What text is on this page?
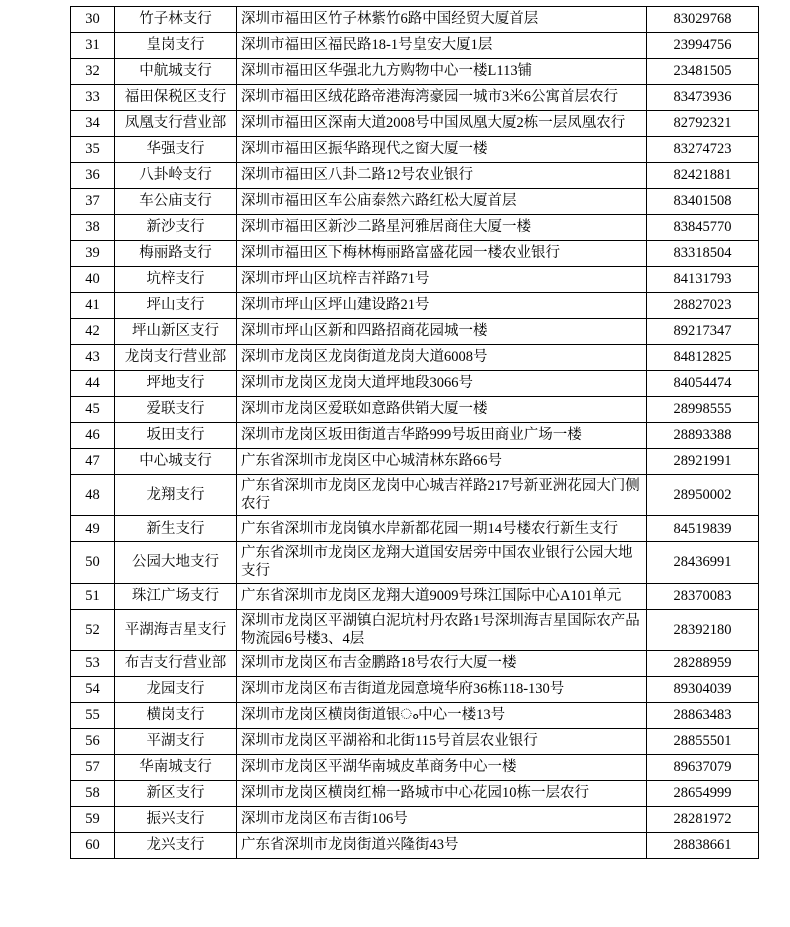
30	竹子林支行	深圳市福田区竹子林紫竹6路中国经贸大厦首层	83029768
31	皇岗支行	深圳市福田区福民路18-1号皇安大厦1层	23994756
32	中航城支行	深圳市福田区华强北九方购物中心一楼L113铺	23481505
33	福田保税区支行	深圳市福田区绒花路帝港海湾豪园一城市3米6公寓首层农行	83473936
34	凤凰支行营业部	深圳市福田区深南大道2008号中国凤凰大厦2栋一层凤凰农行	82792321
35	华强支行	深圳市福田区振华路现代之窗大厦一楼	83274723
36	八卦岭支行	深圳市福田区八卦二路12号农业银行	82421881
37	车公庙支行	深圳市福田区车公庙泰然六路红松大厦首层	83401508
38	新沙支行	深圳市福田区新沙二路星河雅居商住大厦一楼	83845770
39	梅丽路支行	深圳市福田区下梅林梅丽路富盛花园一楼农业银行	83318504
40	坑梓支行	深圳市坪山区坑梓吉祥路71号	84131793
41	坪山支行	深圳市坪山区坪山建设路21号	28827023
42	坪山新区支行	深圳市坪山区新和四路招商花园城一楼	89217347
43	龙岗支行营业部	深圳市龙岗区龙岗街道龙岗大道6008号	84812825
44	坪地支行	深圳市龙岗区龙岗大道坪地段3066号	84054474
45	爱联支行	深圳市龙岗区爱联如意路供销大厦一楼	28998555
46	坂田支行	深圳市龙岗区坂田街道吉华路999号坂田商业广场一楼	28893388
47	中心城支行	广东省深圳市龙岗区中心城清林东路66号	28921991
48	龙翔支行	广东省深圳市龙岗区龙岗中心城吉祥路217号新亚洲花园大门侧农行	28950002
49	新生支行	广东省深圳市龙岗镇水岸新都花园一期14号楼农行新生支行	84519839
50	公园大地支行	广东省深圳市龙岗区龙翔大道国安居旁中国农业银行公园大地支行	28436991
51	珠江广场支行	广东省深圳市龙岗区龙翔大道9009号珠江国际中心A101单元	28370083
52	平湖海吉星支行	深圳市龙岗区平湖镇白泥坑村丹农路1号深圳海吉星国际农产品物流园6号楼3、4层	28392180
53	布吉支行营业部	深圳市龙岗区布吉金鹏路18号农行大厦一楼	28288959
54	龙园支行	深圳市龙岗区布吉街道龙园意境华府36栋118-130号	89304039
55	横岗支行	深圳市龙岗区横岗街道银ം中心一楼13号	28863483
56	平湖支行	深圳市龙岗区平湖裕和北街115号首层农业银行	28855501
57	华南城支行	深圳市龙岗区平湖华南城皮革商务中心一楼	89637079
58	新区支行	深圳市龙岗区横岗红棉一路城市中心花园10栋一层农行	28654999
59	振兴支行	深圳市龙岗区布吉街106号	28281972
60	龙兴支行	广东省深圳市龙岗街道兴隆街43号	28838661
